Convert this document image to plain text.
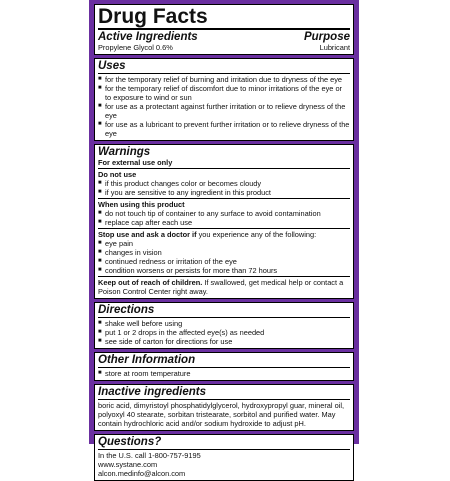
Drug Facts
Active Ingredients	Purpose
Propylene Glycol 0.6%	Lubricant
Uses
■ for the temporary relief of burning and irritation due to dryness of the eye
■ for the temporary relief of discomfort due to minor irritations of the eye or to exposure to wind or sun
■ for use as a protectant against further irritation or to relieve dryness of the eye
■ for use as a lubricant to prevent further irritation or to relieve dryness of the eye
Warnings
For external use only
Do not use
■ if this product changes color or becomes cloudy
■ if you are sensitive to any ingredient in this product
When using this product
■ do not touch tip of container to any surface to avoid contamination
■ replace cap after each use
Stop use and ask a doctor if you experience any of the following:
■ eye pain
■ changes in vision
■ continued redness or irritation of the eye
■ condition worsens or persists for more than 72 hours
Keep out of reach of children. If swallowed, get medical help or contact a Poison Control Center right away.
Directions
■ shake well before using
■ put 1 or 2 drops in the affected eye(s) as needed
■ see side of carton for directions for use
Other Information
■ store at room temperature
Inactive ingredients
boric acid, dimyristoyl phosphatidylglycerol, hydroxypropyl guar, mineral oil, polyoxyl 40 stearate, sorbitan tristearate, sorbitol and purified water. May contain hydrochloric acid and/or sodium hydroxide to adjust pH.
Questions?
In the U.S. call 1-800-757-9195
www.systane.com
alcon.medinfo@alcon.com
